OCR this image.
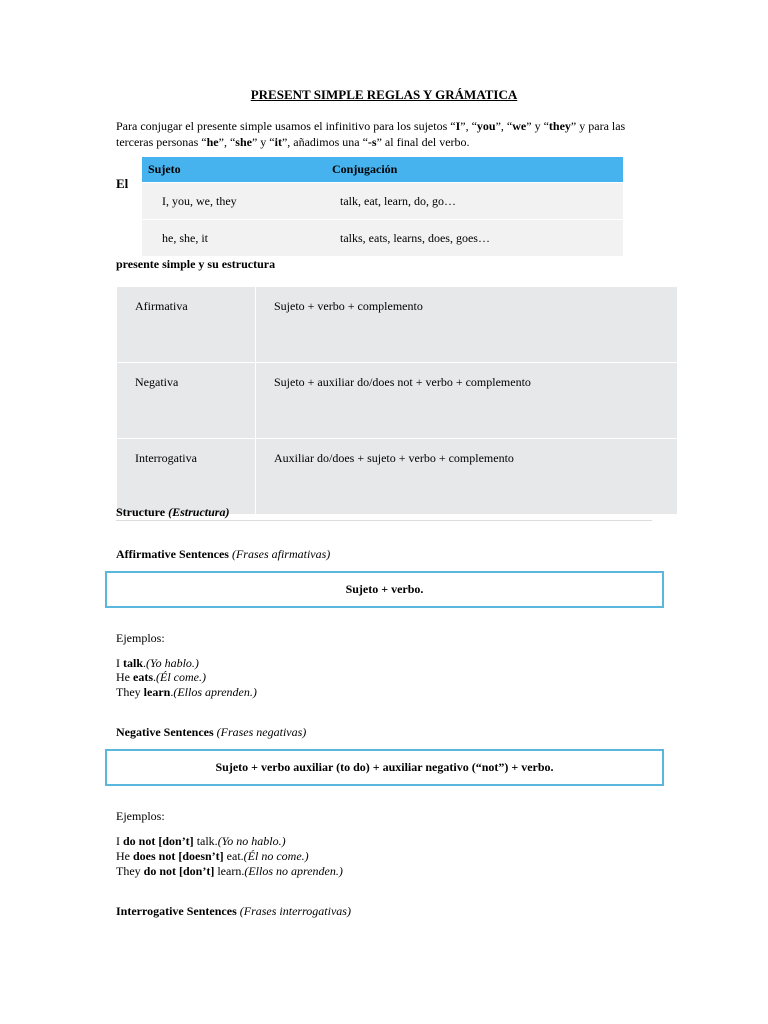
PRESENT SIMPLE REGLAS Y GRÁMATICA
Para conjugar el presente simple usamos el infinitivo para los sujetos “I”, “you”, “we” y “they” y para las terceras personas “he”, “she” y “it”, añadimos una “-s” al final del verbo.
El
Sujeto	Conjugación
I, you, we, they	talk, eat, learn, do, go…
he, she, it	talks, eats, learns, does, goes…
presente simple y su estructura
Afirmativa	Sujeto + verbo + complemento
Negativa	Sujeto + auxiliar do/does not + verbo + complemento
Interrogativa	Auxiliar do/does + sujeto + verbo + complemento
Structure (Estructura)
Affirmative Sentences (Frases afirmativas)
Sujeto + verbo.
Ejemplos:
I talk.(Yo hablo.)
He eats.(Él come.)
They learn.(Ellos aprenden.)
Negative Sentences (Frases negativas)
Sujeto + verbo auxiliar (to do) + auxiliar negativo (“not”) + verbo.
Ejemplos:
I do not [don’t] talk.(Yo no hablo.)
He does not [doesn’t] eat.(Él no come.)
They do not [don’t] learn.(Ellos no aprenden.)
Interrogative Sentences (Frases interrogativas)
